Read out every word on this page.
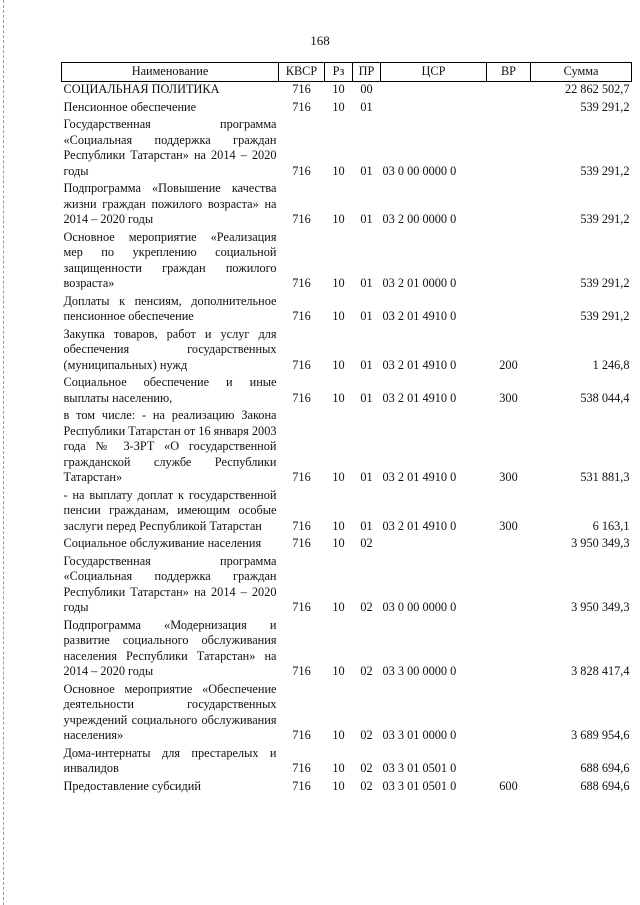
168
Наименование	КВСР	Рз	ПР	ЦСР	ВР	Сумма
СОЦИАЛЬНАЯ ПОЛИТИКА	716	10	00			22 862 502,7
Пенсионное обеспечение	716	10	01			539 291,2
Государственная программа «Социальная поддержка граждан Республики Татарстан» на 2014 – 2020 годы	716	10	01	03 0 00 0000 0		539 291,2
Подпрограмма «Повышение качества жизни граждан пожилого возраста» на 2014 – 2020 годы	716	10	01	03 2 00 0000 0		539 291,2
Основное мероприятие «Реализация мер по укреплению социальной защищенности граждан пожилого возраста»	716	10	01	03 2 01 0000 0		539 291,2
Доплаты к пенсиям, дополнительное пенсионное обеспечение	716	10	01	03 2 01 4910 0		539 291,2
Закупка товаров, работ и услуг для обеспечения государственных (муниципальных) нужд	716	10	01	03 2 01 4910 0	200	1 246,8
Социальное обеспечение и иные выплаты населению,	716	10	01	03 2 01 4910 0	300	538 044,4
в том числе: - на реализацию Закона Республики Татарстан от 16 января 2003 года № 3-ЗРТ «О государственной гражданской службе Республики Татарстан»	716	10	01	03 2 01 4910 0	300	531 881,3
- на выплату доплат к государственной пенсии гражданам, имеющим особые заслуги перед Республикой Татарстан	716	10	01	03 2 01 4910 0	300	6 163,1
Социальное обслуживание населения	716	10	02			3 950 349,3
Государственная программа «Социальная поддержка граждан Республики Татарстан» на 2014 – 2020 годы	716	10	02	03 0 00 0000 0		3 950 349,3
Подпрограмма «Модернизация и развитие социального обслуживания населения Республики Татарстан» на 2014 – 2020 годы	716	10	02	03 3 00 0000 0		3 828 417,4
Основное мероприятие «Обеспечение деятельности государственных учреждений социального обслуживания населения»	716	10	02	03 3 01 0000 0		3 689 954,6
Дома-интернаты для престарелых и инвалидов	716	10	02	03 3 01 0501 0		688 694,6
Предоставление субсидий	716	10	02	03 3 01 0501 0	600	688 694,6
